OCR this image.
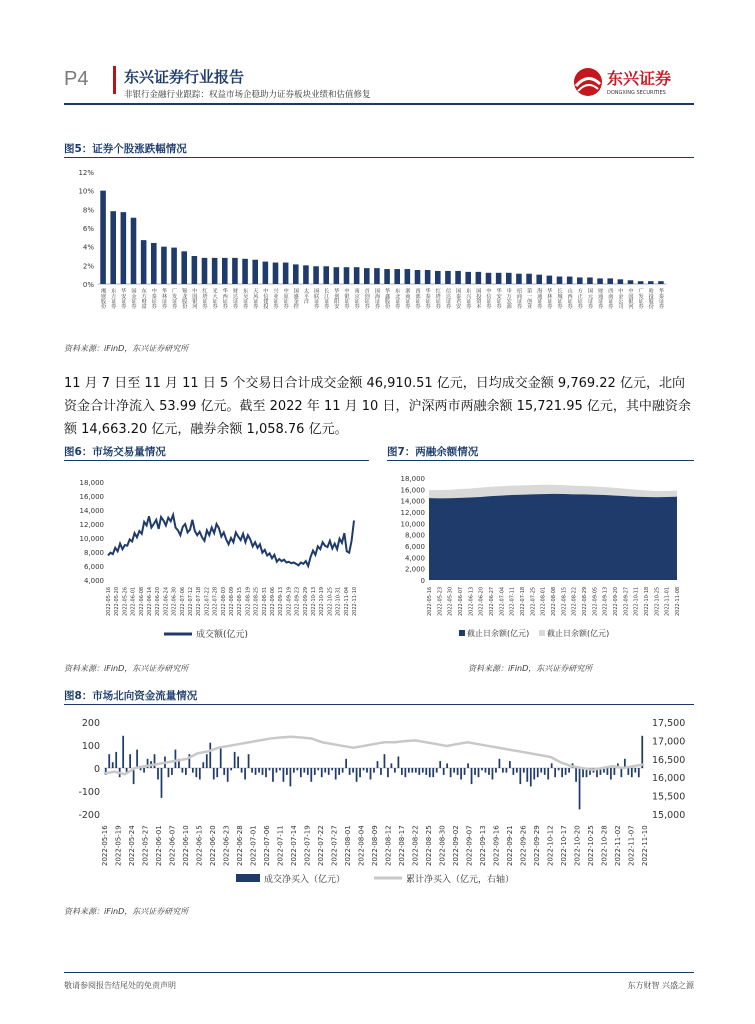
P4 东兴证券行业报告
非银行金融行业跟踪：权益市场企稳助力证券板块业绩和估值修复
东兴证券
DONGXING SECURITIES
图5：证券个股涨跌幅情况
0%
2%
4%
6%
8%
10%
12%
湘财股份 东方证券 华安证券 国金证券 东方财富 中泰证券 华林证券 广发证券 锦龙股份 中国银河 红塔证券 光大证券 华西证券 财达证券 东吴证券 天风证券 中信建投 兴业证券 中原证券 国盛金控 太平洋 国联证券 长江证券 华创阳安 中银证券 南京证券 首创证券 国海证券 华鑫股份 东北证券 浙商证券 西部证券 华泰证券 红塔证券 信达证券 国泰君安 东兴证券 国投资本 中信证券 华安证券 申万宏源 招商证券 第一创业 海通证券 华林证券 长城证券 山西证券 方正证券 国元证券 财通证券 西南证券 中金公司 中国银河 广发证券 哈投股份 华泰证券
资料来源：iFinD，东兴证券研究所
11 月 7 日至 11 月 11 日 5 个交易日合计成交金额 46,910.51 亿元，日均成交金额 9,769.22 亿元，北向资金合计净流入 53.99 亿元。截至 2022 年 11 月 10 日，沪深两市两融余额 15,721.95 亿元，其中融资余额 14,663.20 亿元，融券余额 1,058.76 亿元。
图6：市场交易量情况
4,000
6,000
8,000
10,000
12,000
14,000
16,000
18,000
2022-05-16 2022-05-20 2022-05-26 2022-06-01 2022-06-08 2022-06-14 2022-06-20 2022-06-24 2022-06-30 2022-07-06 2022-07-12 2022-07-18 2022-07-22 2022-07-28 2022-08-03 2022-08-09 2022-08-15 2022-08-19 2022-08-25 2022-08-31 2022-09-06 2022-09-13 2022-09-19 2022-09-23 2022-09-29 2022-10-13 2022-10-19 2022-10-25 2022-10-31 2022-11-04 2022-11-10
成交额(亿元)
资料来源：iFinD，东兴证券研究所
图7：两融余额情况
0
2,000
4,000
6,000
8,000
10,000
12,000
14,000
16,000
18,000
2022-05-16 2022-05-23 2022-05-30 2022-06-07 2022-06-13 2022-06-20 2022-06-27 2022-07-04 2022-07-11 2022-07-18 2022-07-25 2022-08-01 2022-08-08 2022-08-15 2022-08-22 2022-08-29 2022-09-05 2022-09-13 2022-09-20 2022-09-27 2022-10-11 2022-10-18 2022-10-25 2022-11-01 2022-11-08
截止日余额(亿元) 截止日余额(亿元)
资料来源：iFinD，东兴证券研究所
图8：市场北向资金流量情况
200
100
0
-100
-200
17,500
17,000
16,500
16,000
15,500
15,000
2022-05-16 2022-05-19 2022-05-24 2022-05-27 2022-06-01 2022-06-07 2022-06-10 2022-06-15 2022-06-20 2022-06-23 2022-06-28 2022-07-01 2022-07-06 2022-07-11 2022-07-14 2022-07-19 2022-07-22 2022-07-27 2022-08-01 2022-08-04 2022-08-09 2022-08-12 2022-08-17 2022-08-22 2022-08-25 2022-08-30 2022-09-02 2022-09-07 2022-09-13 2022-09-16 2022-09-21 2022-09-26 2022-09-29 2022-10-12 2022-10-17 2022-10-20 2022-10-25 2022-10-28 2022-11-02 2022-11-07 2022-11-10
成交净买入（亿元）	累计净买入（亿元，右轴）
资料来源：iFinD，东兴证券研究所
敬请参阅报告结尾处的免责声明	东方财智 兴盛之源
